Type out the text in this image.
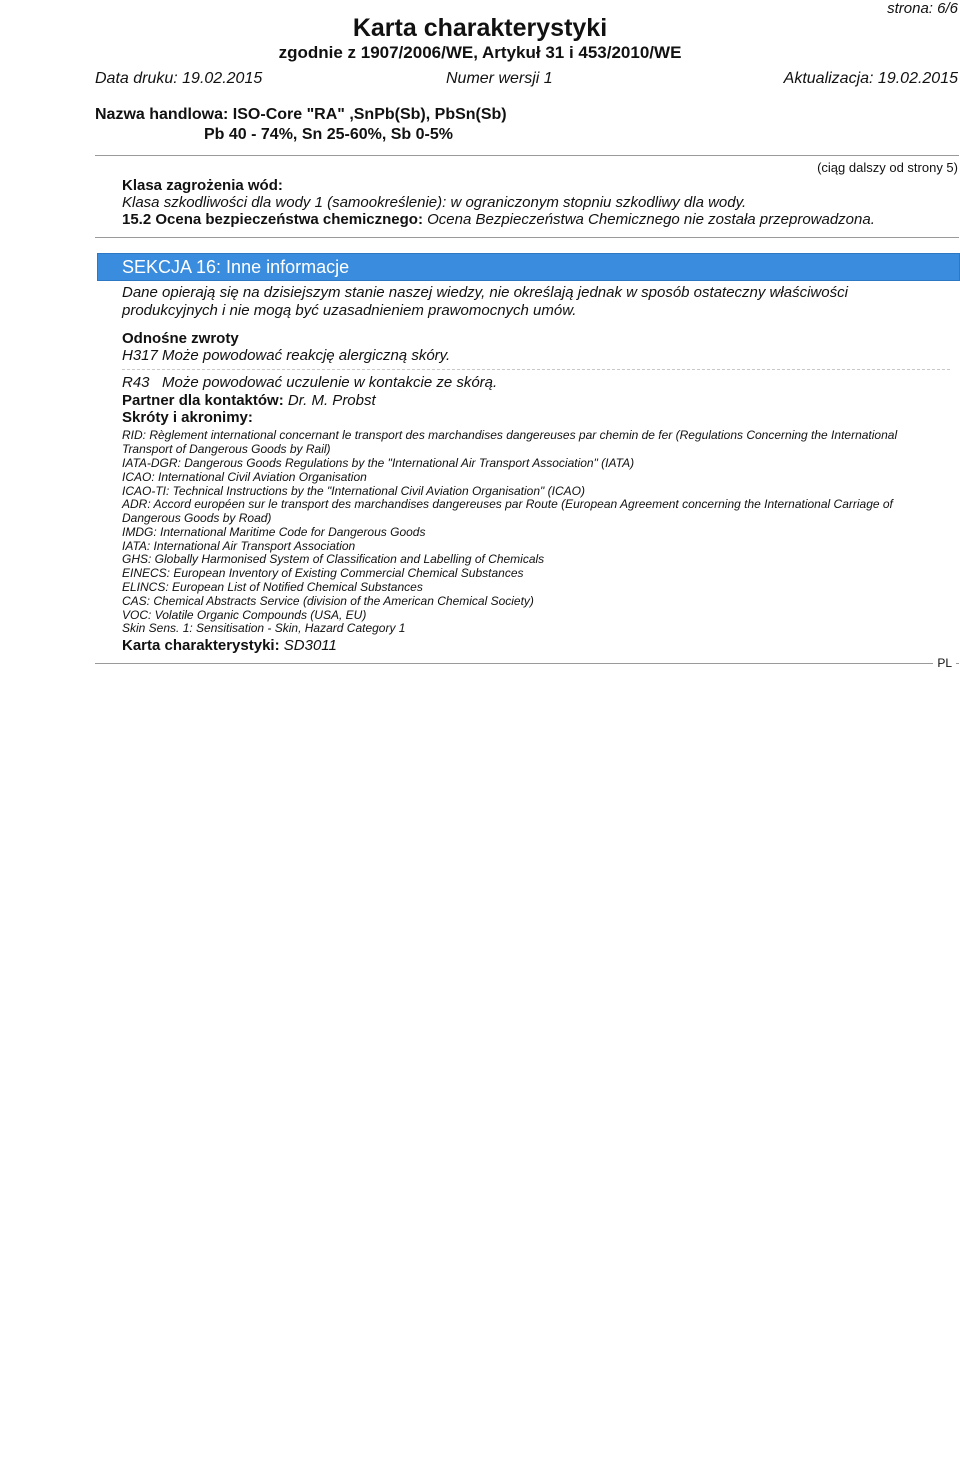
strona: 6/6
Karta charakterystyki
zgodnie z 1907/2006/WE, Artykuł 31 i 453/2010/WE
Data druku: 19.02.2015	Numer wersji 1	Aktualizacja: 19.02.2015
Nazwa handlowa: ISO-Core "RA" ,SnPb(Sb), PbSn(Sb)
Pb 40 - 74%, Sn 25-60%, Sb 0-5%
(ciąg dalszy od strony 5)
Klasa zagrożenia wód:
Klasa szkodliwości dla wody 1 (samookreślenie): w ograniczonym stopniu szkodliwy dla wody.
15.2 Ocena bezpieczeństwa chemicznego: Ocena Bezpieczeństwa Chemicznego nie została przeprowadzona.
SEKCJA 16: Inne informacje
Dane opierają się na dzisiejszym stanie naszej wiedzy, nie określają jednak w sposób ostateczny właściwości
produkcyjnych i nie mogą być uzasadnieniem prawomocnych umów.
Odnośne zwroty
H317 Może powodować reakcję alergiczną skóry.
R43   Może powodować uczulenie w kontakcie ze skórą.
Partner dla kontaktów: Dr. M. Probst
Skróty i akronimy:
RID: Règlement international concernant le transport des marchandises dangereuses par chemin de fer (Regulations Concerning the International
Transport of Dangerous Goods by Rail)
IATA-DGR: Dangerous Goods Regulations by the "International Air Transport Association" (IATA)
ICAO: International Civil Aviation Organisation
ICAO-TI: Technical Instructions by the "International Civil Aviation Organisation" (ICAO)
ADR: Accord européen sur le transport des marchandises dangereuses par Route (European Agreement concerning the International Carriage of
Dangerous Goods by Road)
IMDG: International Maritime Code for Dangerous Goods
IATA: International Air Transport Association
GHS: Globally Harmonised System of Classification and Labelling of Chemicals
EINECS: European Inventory of Existing Commercial Chemical Substances
ELINCS: European List of Notified Chemical Substances
CAS: Chemical Abstracts Service (division of the American Chemical Society)
VOC: Volatile Organic Compounds (USA, EU)
Skin Sens. 1: Sensitisation - Skin, Hazard Category 1
Karta charakterystyki: SD3011
PL
